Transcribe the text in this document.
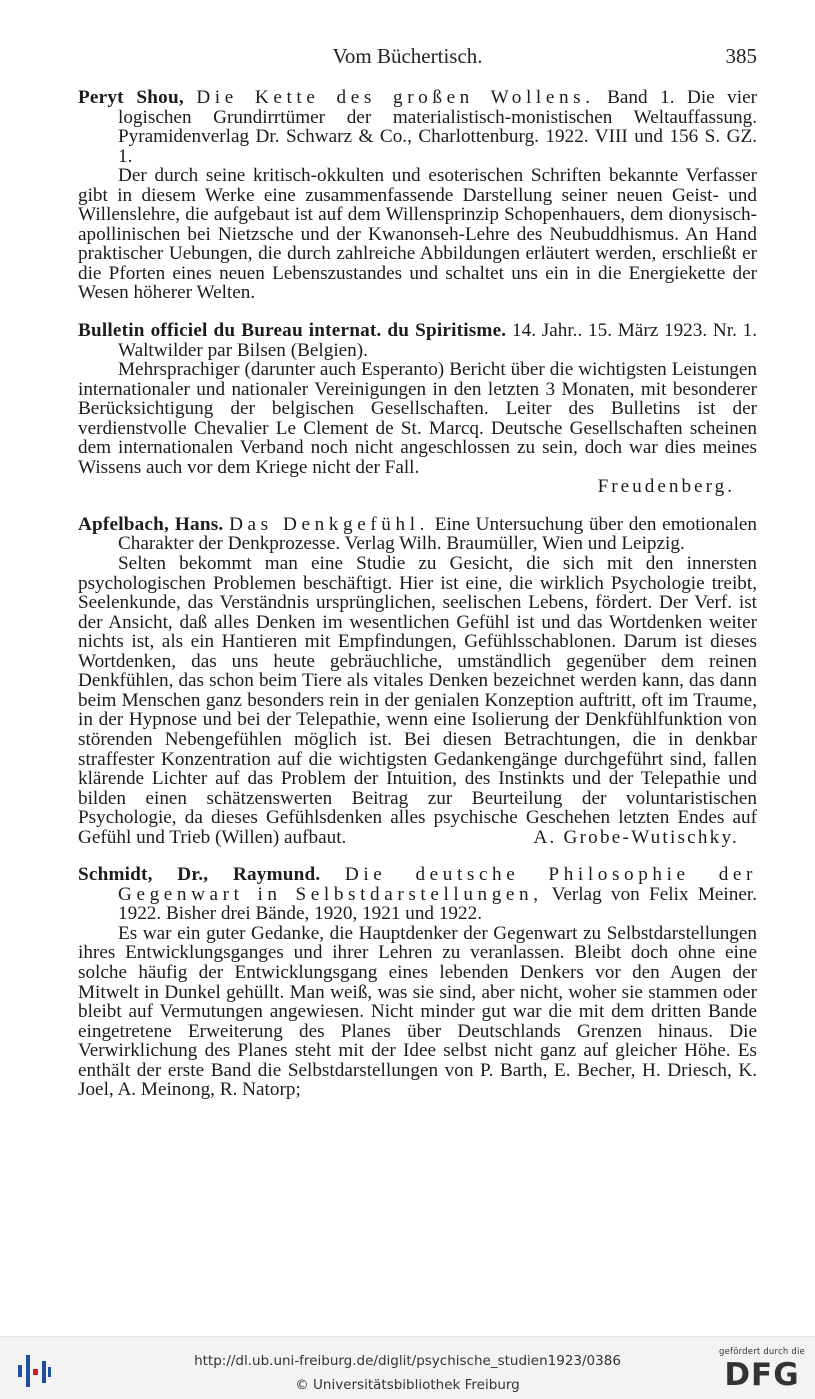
Vom Büchertisch.	385

Peryt Shou, Die Kette des großen Wollens. Band 1. Die vier logischen Grundirrtümer der materialistisch-monistischen Weltauffassung. Pyramidenverlag Dr. Schwarz & Co., Charlottenburg. 1922. VIII und 156 S. GZ. 1.

Der durch seine kritisch-okkulten und esoterischen Schriften bekannte Verfasser gibt in diesem Werke eine zusammenfassende Darstellung seiner neuen Geist- und Willenslehre, die aufgebaut ist auf dem Willensprinzip Schopenhauers, dem dionysisch-apollinischen bei Nietzsche und der Kwanonseh-Lehre des Neubuddhismus. An Hand praktischer Uebungen, die durch zahlreiche Abbildungen erläutert werden, erschließt er die Pforten eines neuen Lebenszustandes und schaltet uns ein in die Energiekette der Wesen höherer Welten.

Bulletin officiel du Bureau internat. du Spiritisme. 14. Jahr.. 15. März 1923. Nr. 1. Waltwilder par Bilsen (Belgien).

Mehrsprachiger (darunter auch Esperanto) Bericht über die wichtigsten Leistungen internationaler und nationaler Vereinigungen in den letzten 3 Monaten, mit besonderer Berücksichtigung der belgischen Gesellschaften. Leiter des Bulletins ist der verdienstvolle Chevalier Le Clement de St. Marcq. Deutsche Gesellschaften scheinen dem internationalen Verband noch nicht angeschlossen zu sein, doch war dies meines Wissens auch vor dem Kriege nicht der Fall.

Freudenberg.

Apfelbach, Hans. Das Denkgefühl. Eine Untersuchung über den emotionalen Charakter der Denkprozesse. Verlag Wilh. Braumüller, Wien und Leipzig.

Selten bekommt man eine Studie zu Gesicht, die sich mit den innersten psychologischen Problemen beschäftigt. Hier ist eine, die wirklich Psychologie treibt, Seelenkunde, das Verständnis ursprünglichen, seelischen Lebens, fördert. Der Verf. ist der Ansicht, daß alles Denken im wesentlichen Gefühl ist und das Wortdenken weiter nichts ist, als ein Hantieren mit Empfindungen, Gefühlsschablonen. Darum ist dieses Wortdenken, das uns heute gebräuchliche, umständlich gegenüber dem reinen Denkfühlen, das schon beim Tiere als vitales Denken bezeichnet werden kann, das dann beim Menschen ganz besonders rein in der genialen Konzeption auftritt, oft im Traume, in der Hypnose und bei der Telepathie, wenn eine Isolierung der Denkfühlfunktion von störenden Nebengefühlen möglich ist. Bei diesen Betrachtungen, die in denkbar straffester Konzentration auf die wichtigsten Gedankengänge durchgeführt sind, fallen klärende Lichter auf das Problem der Intuition, des Instinkts und der Telepathie und bilden einen schätzenswerten Beitrag zur Beurteilung der voluntaristischen Psychologie, da dieses Gefühlsdenken alles psychische Geschehen letzten Endes auf Gefühl und Trieb (Willen) aufbaut.	A. Grobe-Wutischky.

Schmidt, Dr., Raymund. Die deutsche Philosophie der Gegenwart in Selbstdarstellungen, Verlag von Felix Meiner. 1922. Bisher drei Bände, 1920, 1921 und 1922.

Es war ein guter Gedanke, die Hauptdenker der Gegenwart zu Selbstdarstellungen ihres Entwicklungsganges und ihrer Lehren zu veranlassen. Bleibt doch ohne eine solche häufig der Entwicklungsgang eines lebenden Denkers vor den Augen der Mitwelt in Dunkel gehüllt. Man weiß, was sie sind, aber nicht, woher sie stammen oder bleibt auf Vermutungen angewiesen. Nicht minder gut war die mit dem dritten Bande eingetretene Erweiterung des Planes über Deutschlands Grenzen hinaus. Die Verwirklichung des Planes steht mit der Idee selbst nicht ganz auf gleicher Höhe. Es enthält der erste Band die Selbstdarstellungen von P. Barth, E. Becher, H. Driesch, K. Joel, A. Meinong, R. Natorp;

http://dl.ub.uni-freiburg.de/diglit/psychische_studien1923/0386
© Universitätsbibliothek Freiburg
gefördert durch die
DFG
